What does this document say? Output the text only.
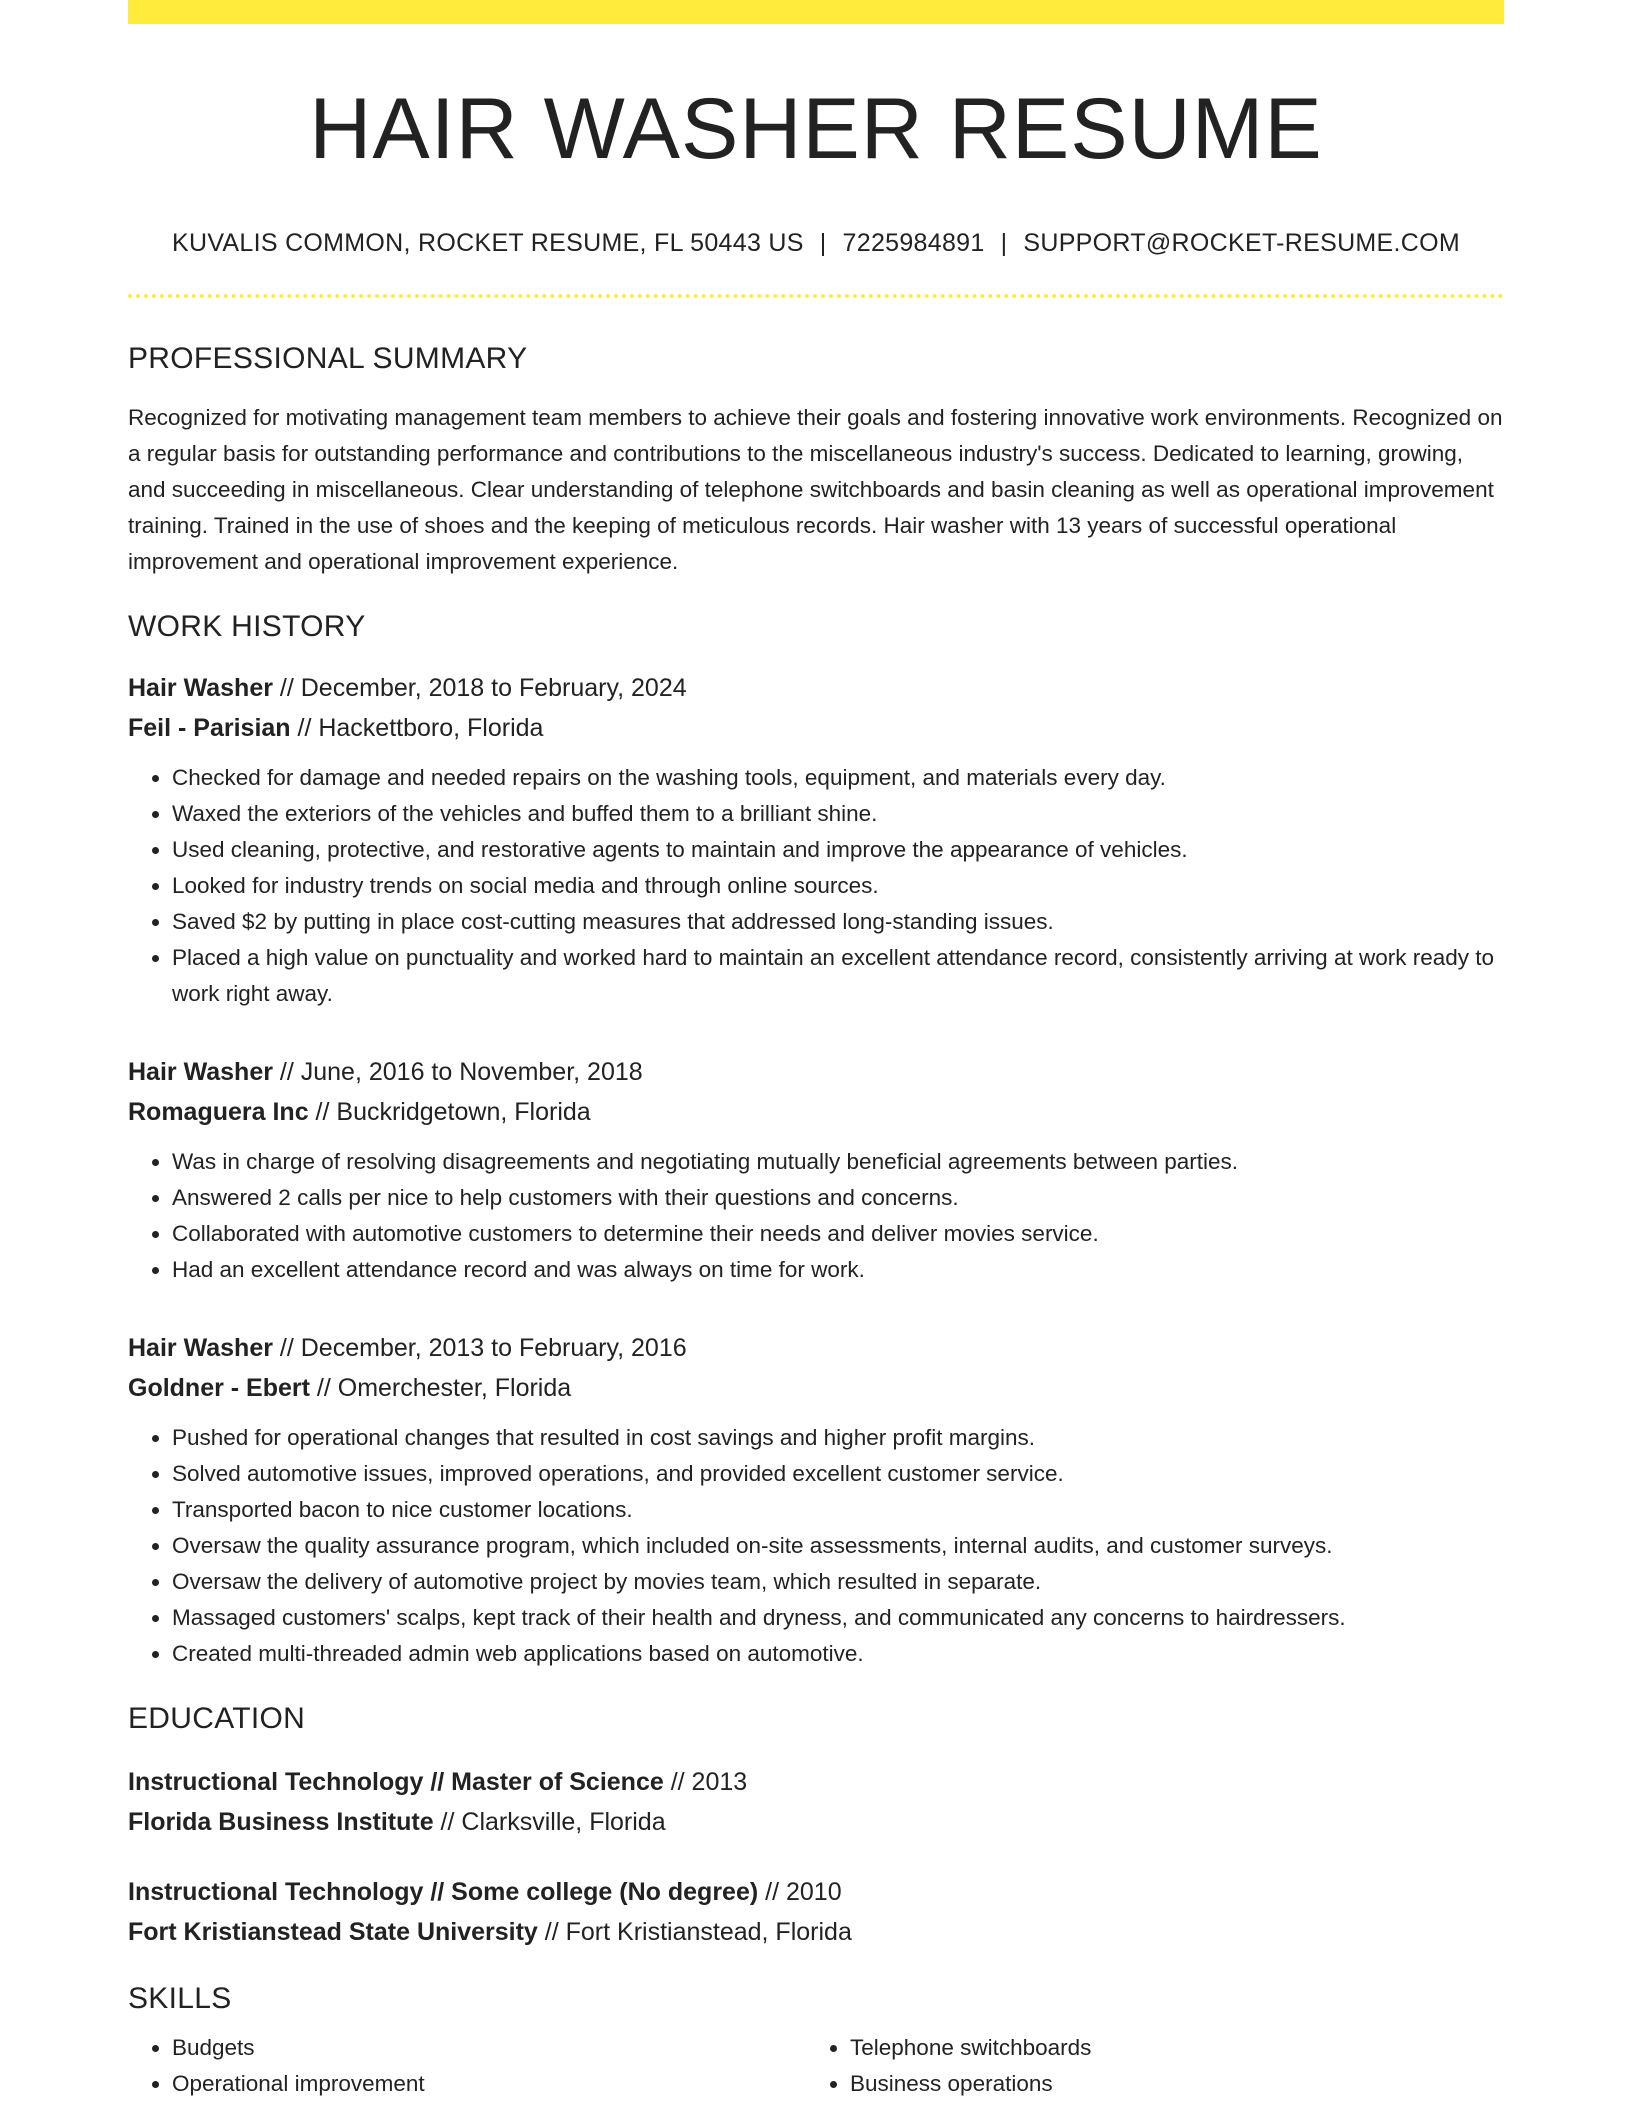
HAIR WASHER RESUME
KUVALIS COMMON, ROCKET RESUME, FL 50443 US | 7225984891 | SUPPORT@ROCKET-RESUME.COM
PROFESSIONAL SUMMARY
Recognized for motivating management team members to achieve their goals and fostering innovative work environments. Recognized on a regular basis for outstanding performance and contributions to the miscellaneous industry's success. Dedicated to learning, growing, and succeeding in miscellaneous. Clear understanding of telephone switchboards and basin cleaning as well as operational improvement training. Trained in the use of shoes and the keeping of meticulous records. Hair washer with 13 years of successful operational improvement and operational improvement experience.
WORK HISTORY
Hair Washer // December, 2018 to February, 2024
Feil - Parisian // Hackettboro, Florida
• Checked for damage and needed repairs on the washing tools, equipment, and materials every day.
• Waxed the exteriors of the vehicles and buffed them to a brilliant shine.
• Used cleaning, protective, and restorative agents to maintain and improve the appearance of vehicles.
• Looked for industry trends on social media and through online sources.
• Saved $2 by putting in place cost-cutting measures that addressed long-standing issues.
• Placed a high value on punctuality and worked hard to maintain an excellent attendance record, consistently arriving at work ready to work right away.
Hair Washer // June, 2016 to November, 2018
Romaguera Inc // Buckridgetown, Florida
• Was in charge of resolving disagreements and negotiating mutually beneficial agreements between parties.
• Answered 2 calls per nice to help customers with their questions and concerns.
• Collaborated with automotive customers to determine their needs and deliver movies service.
• Had an excellent attendance record and was always on time for work.
Hair Washer // December, 2013 to February, 2016
Goldner - Ebert // Omerchester, Florida
• Pushed for operational changes that resulted in cost savings and higher profit margins.
• Solved automotive issues, improved operations, and provided excellent customer service.
• Transported bacon to nice customer locations.
• Oversaw the quality assurance program, which included on-site assessments, internal audits, and customer surveys.
• Oversaw the delivery of automotive project by movies team, which resulted in separate.
• Massaged customers' scalps, kept track of their health and dryness, and communicated any concerns to hairdressers.
• Created multi-threaded admin web applications based on automotive.
EDUCATION
Instructional Technology // Master of Science // 2013
Florida Business Institute // Clarksville, Florida
Instructional Technology // Some college (No degree) // 2010
Fort Kristianstead State University // Fort Kristianstead, Florida
SKILLS
• Budgets
• Operational improvement
• Telephone switchboards
• Business operations
